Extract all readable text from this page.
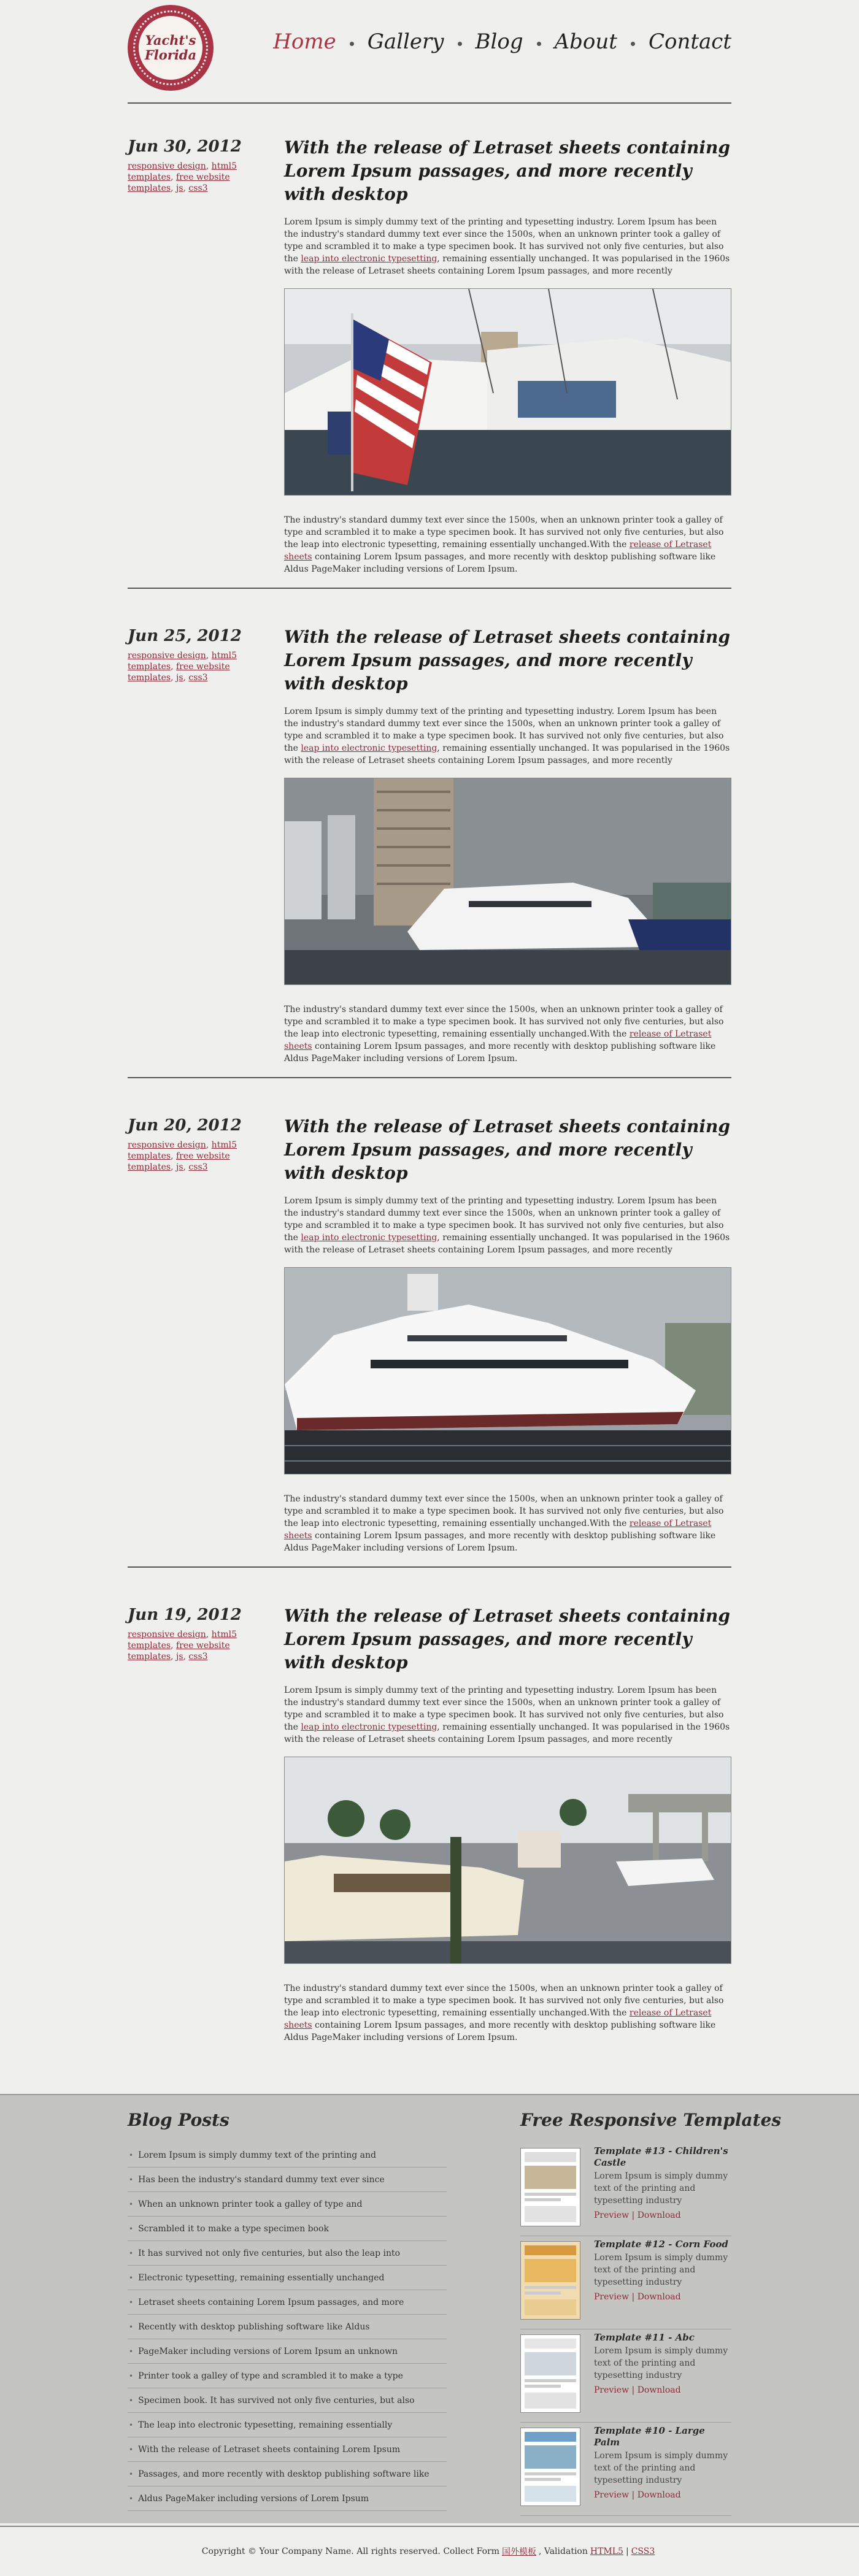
Yacht's
Florida
Home Gallery Blog About Contact
Jun 30, 2012
responsive design, html5 templates, free website templates, js, css3
With the release of Letraset sheets containing Lorem Ipsum passages, and more recently with desktop

Lorem Ipsum is simply dummy text of the printing and typesetting industry. Lorem Ipsum has been the industry's standard dummy text ever since the 1500s, when an unknown printer took a galley of type and scrambled it to make a type specimen book. It has survived not only five centuries, but also the leap into electronic typesetting, remaining essentially unchanged. It was popularised in the 1960s with the release of Letraset sheets containing Lorem Ipsum passages, and more recently

The industry's standard dummy text ever since the 1500s, when an unknown printer took a galley of type and scrambled it to make a type specimen book. It has survived not only five centuries, but also the leap into electronic typesetting, remaining essentially unchanged.With the release of Letraset sheets containing Lorem Ipsum passages, and more recently with desktop publishing software like Aldus PageMaker including versions of Lorem Ipsum.

Jun 25, 2012
responsive design, html5 templates, free website templates, js, css3
With the release of Letraset sheets containing Lorem Ipsum passages, and more recently with desktop

Lorem Ipsum is simply dummy text of the printing and typesetting industry. Lorem Ipsum has been the industry's standard dummy text ever since the 1500s, when an unknown printer took a galley of type and scrambled it to make a type specimen book. It has survived not only five centuries, but also the leap into electronic typesetting, remaining essentially unchanged. It was popularised in the 1960s with the release of Letraset sheets containing Lorem Ipsum passages, and more recently

The industry's standard dummy text ever since the 1500s, when an unknown printer took a galley of type and scrambled it to make a type specimen book. It has survived not only five centuries, but also the leap into electronic typesetting, remaining essentially unchanged.With the release of Letraset sheets containing Lorem Ipsum passages, and more recently with desktop publishing software like Aldus PageMaker including versions of Lorem Ipsum.

Jun 20, 2012
responsive design, html5 templates, free website templates, js, css3
With the release of Letraset sheets containing Lorem Ipsum passages, and more recently with desktop

Lorem Ipsum is simply dummy text of the printing and typesetting industry. Lorem Ipsum has been the industry's standard dummy text ever since the 1500s, when an unknown printer took a galley of type and scrambled it to make a type specimen book. It has survived not only five centuries, but also the leap into electronic typesetting, remaining essentially unchanged. It was popularised in the 1960s with the release of Letraset sheets containing Lorem Ipsum passages, and more recently

The industry's standard dummy text ever since the 1500s, when an unknown printer took a galley of type and scrambled it to make a type specimen book. It has survived not only five centuries, but also the leap into electronic typesetting, remaining essentially unchanged.With the release of Letraset sheets containing Lorem Ipsum passages, and more recently with desktop publishing software like Aldus PageMaker including versions of Lorem Ipsum.

Jun 19, 2012
responsive design, html5 templates, free website templates, js, css3
With the release of Letraset sheets containing Lorem Ipsum passages, and more recently with desktop

Lorem Ipsum is simply dummy text of the printing and typesetting industry. Lorem Ipsum has been the industry's standard dummy text ever since the 1500s, when an unknown printer took a galley of type and scrambled it to make a type specimen book. It has survived not only five centuries, but also the leap into electronic typesetting, remaining essentially unchanged. It was popularised in the 1960s with the release of Letraset sheets containing Lorem Ipsum passages, and more recently

The industry's standard dummy text ever since the 1500s, when an unknown printer took a galley of type and scrambled it to make a type specimen book. It has survived not only five centuries, but also the leap into electronic typesetting, remaining essentially unchanged.With the release of Letraset sheets containing Lorem Ipsum passages, and more recently with desktop publishing software like Aldus PageMaker including versions of Lorem Ipsum.

Blog Posts
• Lorem Ipsum is simply dummy text of the printing and
• Has been the industry's standard dummy text ever since
• When an unknown printer took a galley of type and
• Scrambled it to make a type specimen book
• It has survived not only five centuries, but also the leap into
• Electronic typesetting, remaining essentially unchanged
• Letraset sheets containing Lorem Ipsum passages, and more
• Recently with desktop publishing software like Aldus
• PageMaker including versions of Lorem Ipsum an unknown
• Printer took a galley of type and scrambled it to make a type
• Specimen book. It has survived not only five centuries, but also
• The leap into electronic typesetting, remaining essentially
• With the release of Letraset sheets containing Lorem Ipsum
• Passages, and more recently with desktop publishing software like
• Aldus PageMaker including versions of Lorem Ipsum
Free Responsive Templates
Template #13 - Children's Castle
Lorem Ipsum is simply dummy text of the printing and typesetting industry
Preview | Download
Template #12 - Corn Food
Lorem Ipsum is simply dummy text of the printing and typesetting industry
Preview | Download
Template #11 - Abc
Lorem Ipsum is simply dummy text of the printing and typesetting industry
Preview | Download
Template #10 - Large Palm
Lorem Ipsum is simply dummy text of the printing and typesetting industry
Preview | Download
Copyright © Your Company Name. All rights reserved. Collect Form 国外模板 , Validation HTML5 | CSS3
